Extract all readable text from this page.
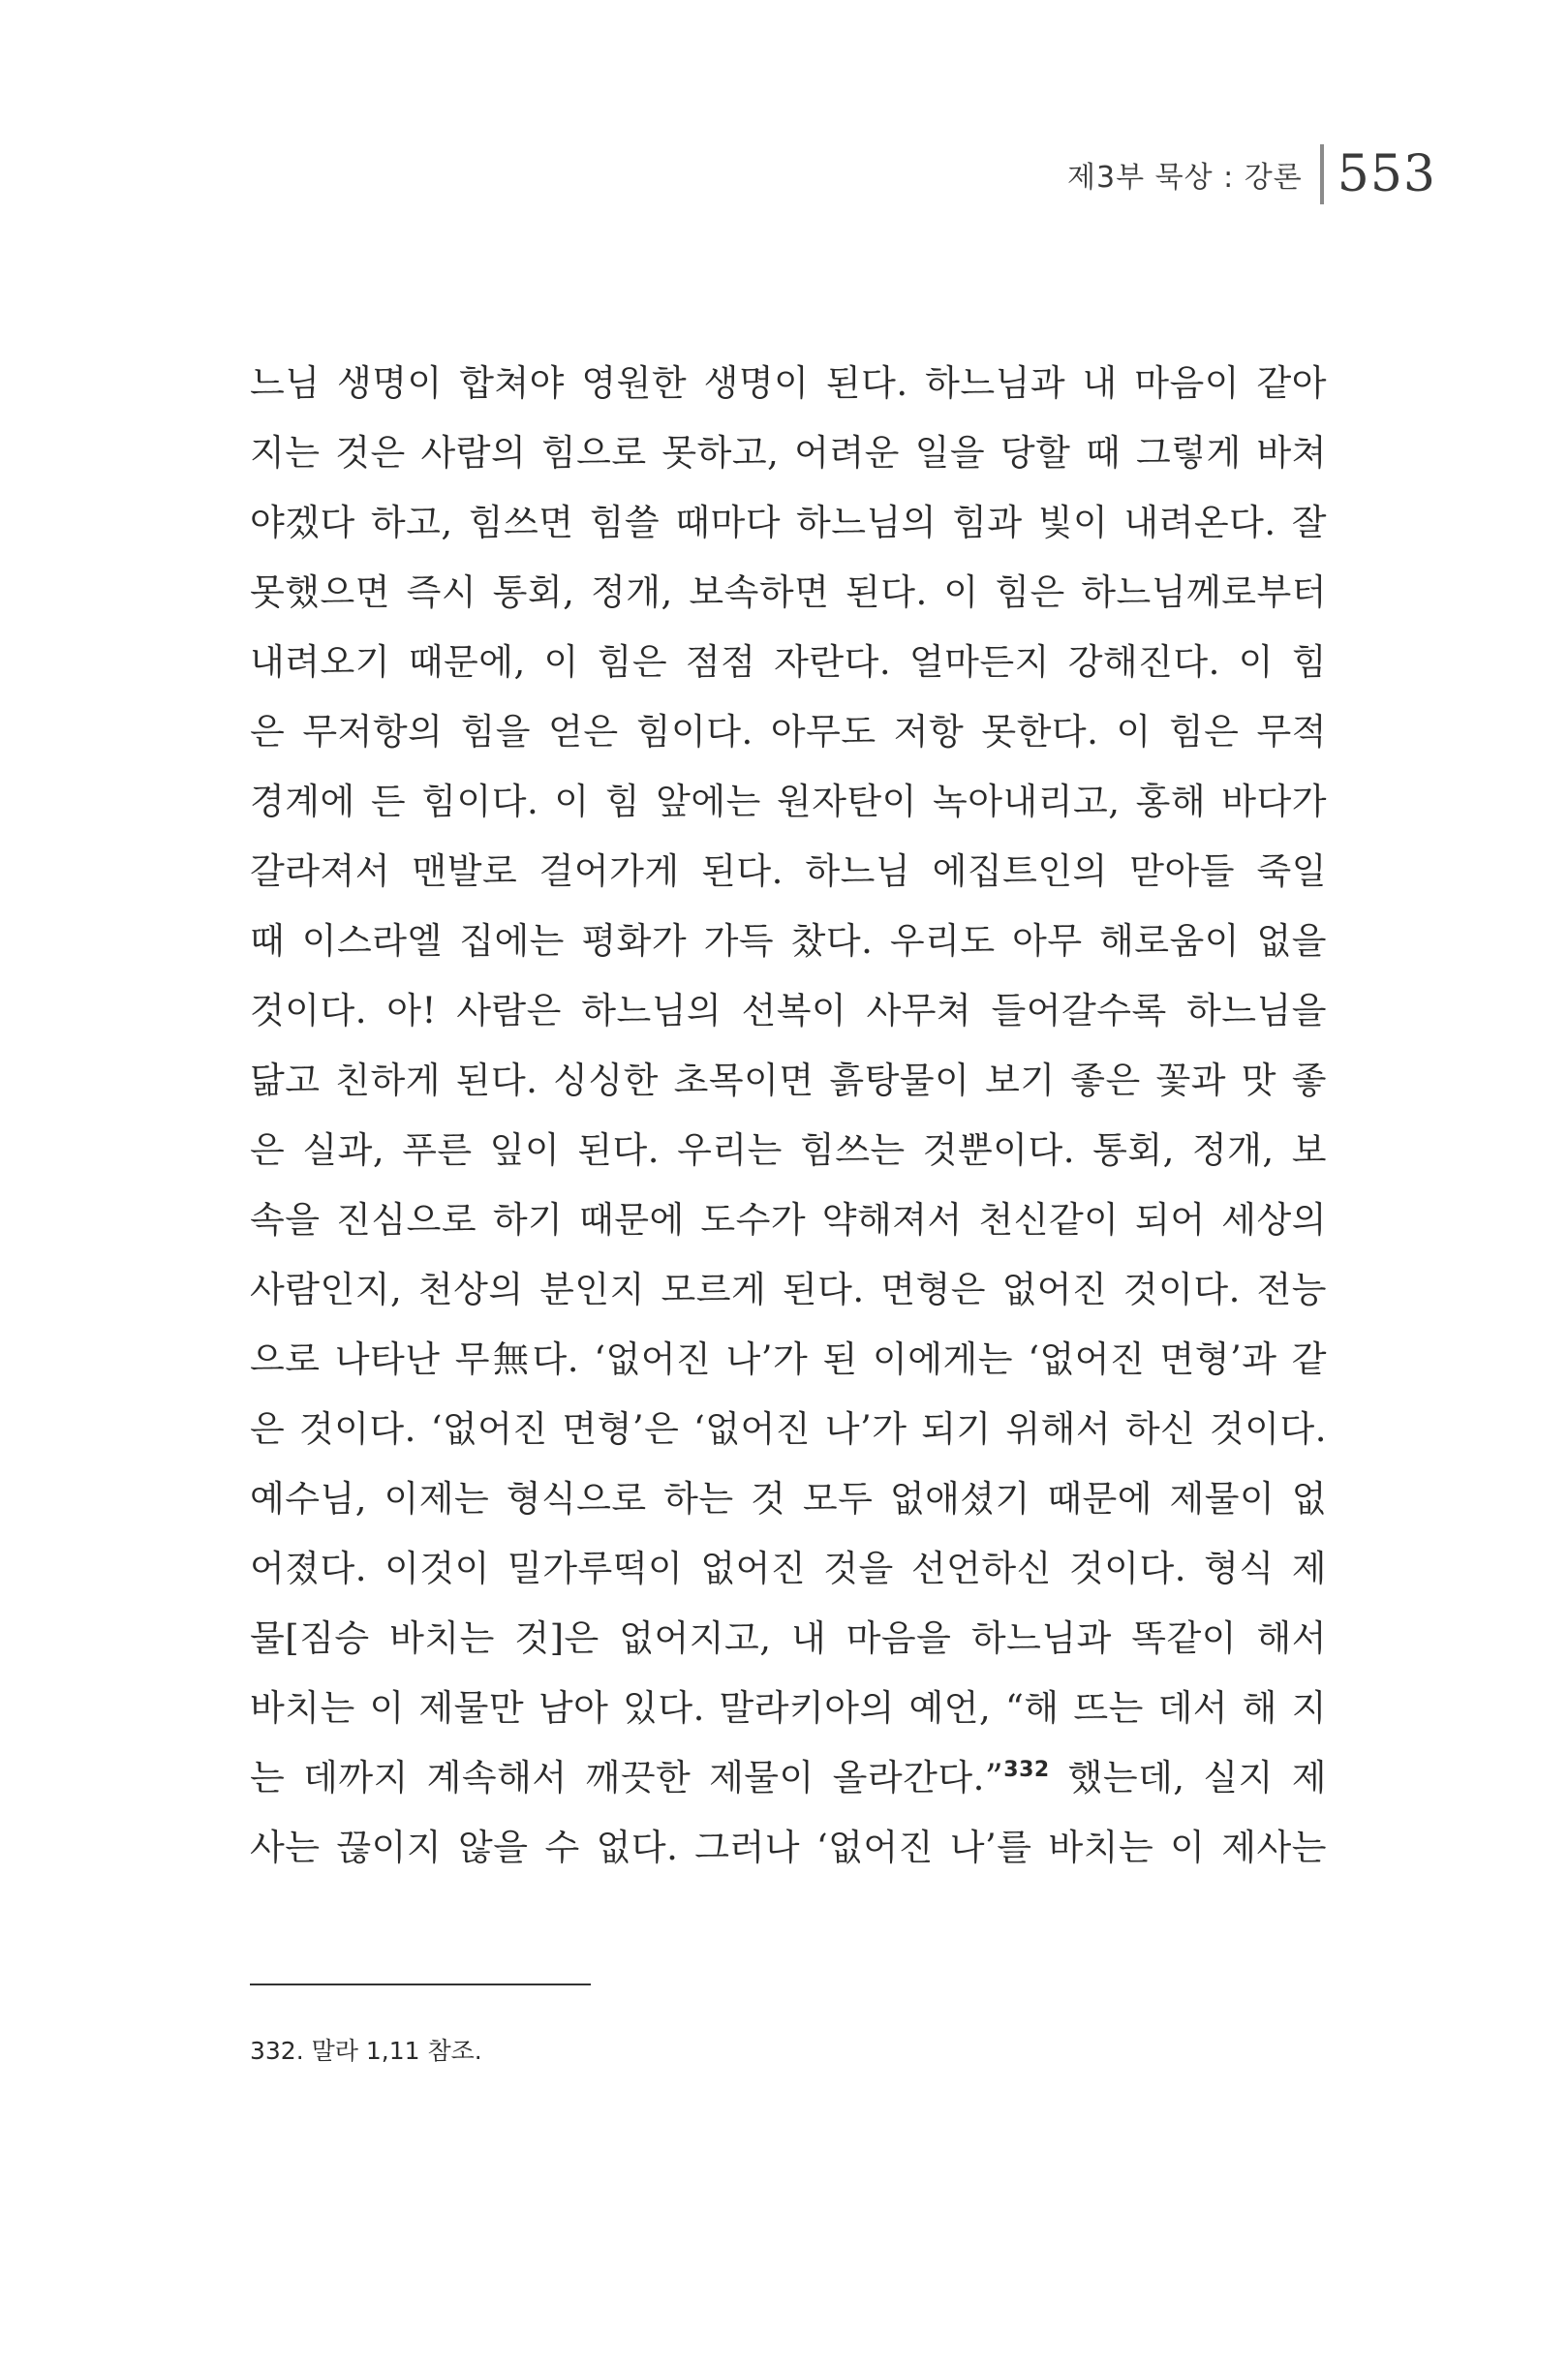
제3부 묵상 : 강론 553
느님 생명이 합쳐야 영원한 생명이 된다. 하느님과 내 마음이 같아
지는 것은 사람의 힘으로 못하고, 어려운 일을 당할 때 그렇게 바쳐
야겠다 하고, 힘쓰면 힘쓸 때마다 하느님의 힘과 빛이 내려온다. 잘
못했으면 즉시 통회, 정개, 보속하면 된다. 이 힘은 하느님께로부터
내려오기 때문에, 이 힘은 점점 자란다. 얼마든지 강해진다. 이 힘
은 무저항의 힘을 얻은 힘이다. 아무도 저항 못한다. 이 힘은 무적
경계에 든 힘이다. 이 힘 앞에는 원자탄이 녹아내리고, 홍해 바다가
갈라져서 맨발로 걸어가게 된다. 하느님 에집트인의 맏아들 죽일
때 이스라엘 집에는 평화가 가득 찼다. 우리도 아무 해로움이 없을
것이다. 아! 사람은 하느님의 선복이 사무쳐 들어갈수록 하느님을
닮고 친하게 된다. 싱싱한 초목이면 흙탕물이 보기 좋은 꽃과 맛 좋
은 실과, 푸른 잎이 된다. 우리는 힘쓰는 것뿐이다. 통회, 정개, 보
속을 진심으로 하기 때문에 도수가 약해져서 천신같이 되어 세상의
사람인지, 천상의 분인지 모르게 된다. 면형은 없어진 것이다. 전능
으로 나타난 무無다. ‘없어진 나’가 된 이에게는 ‘없어진 면형’과 같
은 것이다. ‘없어진 면형’은 ‘없어진 나’가 되기 위해서 하신 것이다.
예수님, 이제는 형식으로 하는 것 모두 없애셨기 때문에 제물이 없
어졌다. 이것이 밀가루떡이 없어진 것을 선언하신 것이다. 형식 제
물[짐승 바치는 것]은 없어지고, 내 마음을 하느님과 똑같이 해서
바치는 이 제물만 남아 있다. 말라키아의 예언, “해 뜨는 데서 해 지
는 데까지 계속해서 깨끗한 제물이 올라간다.”$^{332}$ 했는데, 실지 제
사는 끊이지 않을 수 없다. 그러나 ‘없어진 나’를 바치는 이 제사는

332. 말라 1,11 참조.
